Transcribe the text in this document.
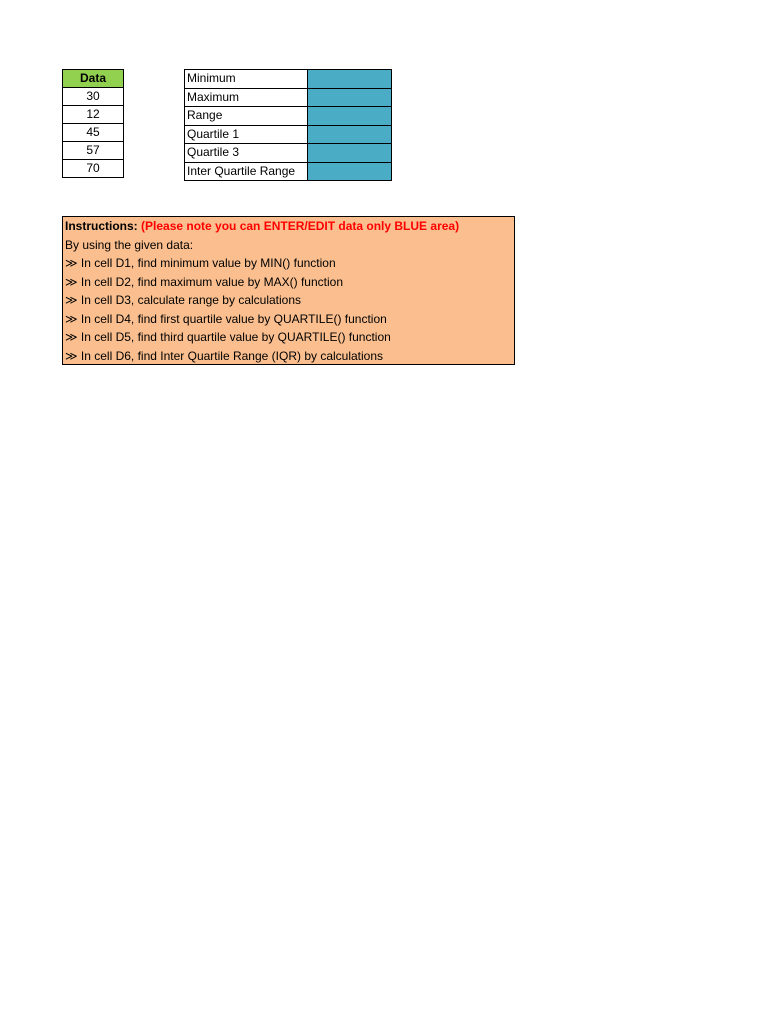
Data
30
12
45
57
70
Minimum	
Maximum	
Range	
Quartile 1	
Quartile 3	
Inter Quartile Range	
Instructions: (Please note you can ENTER/EDIT data only BLUE area)
By using the given data:
≫ In cell D1, find minimum value by MIN() function
≫ In cell D2, find maximum value by MAX() function
≫ In cell D3, calculate range by calculations
≫ In cell D4, find first quartile value by QUARTILE() function
≫ In cell D5, find third quartile value by QUARTILE() function
≫ In cell D6, find Inter Quartile Range (IQR) by calculations
